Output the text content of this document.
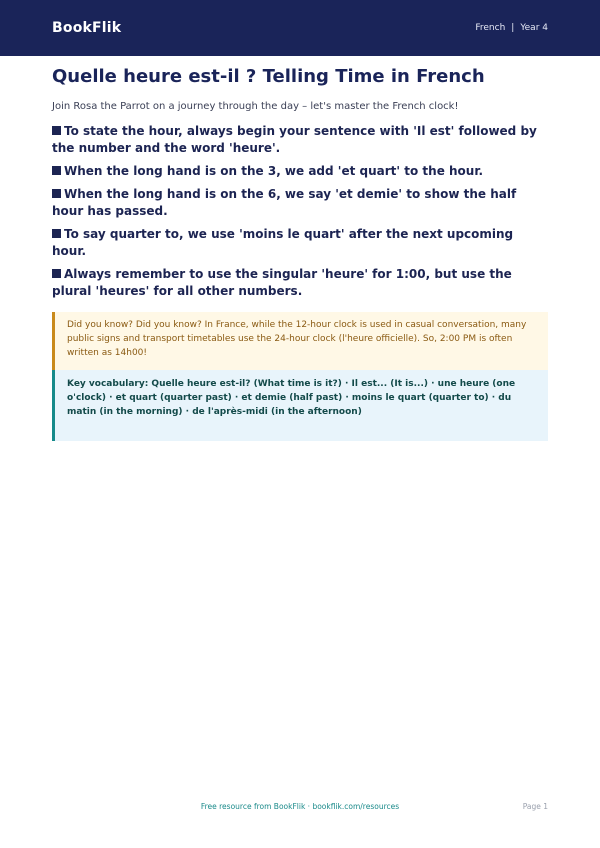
BookFlik	French | Year 4
Quelle heure est-il ? Telling Time in French
Join Rosa the Parrot on a journey through the day – let's master the French clock!
To state the hour, always begin your sentence with 'Il est' followed by the number and the word 'heure'.
When the long hand is on the 3, we add 'et quart' to the hour.
When the long hand is on the 6, we say 'et demie' to show the half hour has passed.
To say quarter to, we use 'moins le quart' after the next upcoming hour.
Always remember to use the singular 'heure' for 1:00, but use the plural 'heures' for all other numbers.
Did you know? Did you know? In France, while the 12-hour clock is used in casual conversation, many public signs and transport timetables use the 24-hour clock (l'heure officielle). So, 2:00 PM is often written as 14h00!
Key vocabulary: Quelle heure est-il? (What time is it?) · Il est... (It is...) · une heure (one o'clock) · et quart (quarter past) · et demie (half past) · moins le quart (quarter to) · du matin (in the morning) · de l'après-midi (in the afternoon)
Free resource from BookFlik · bookflik.com/resources	Page 1
